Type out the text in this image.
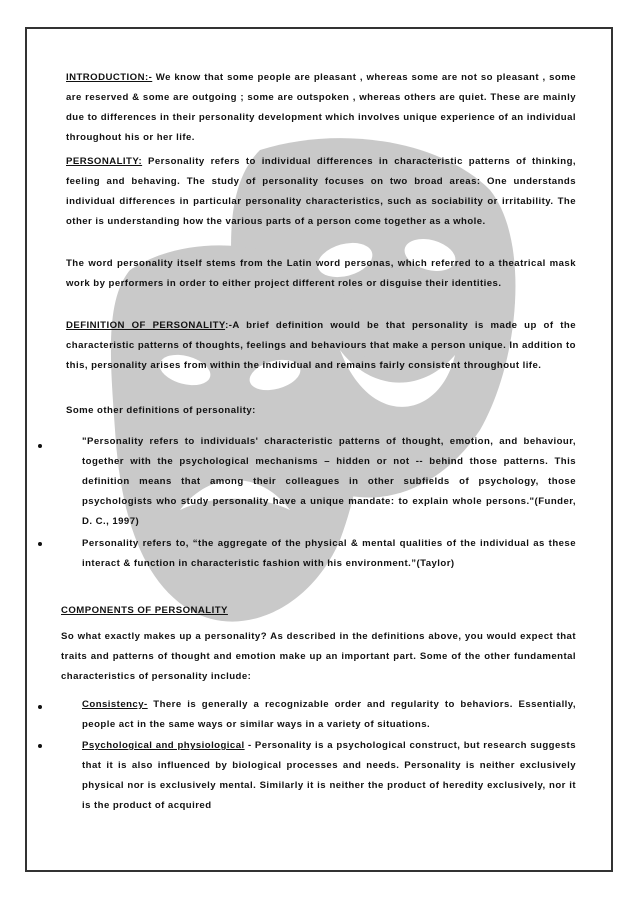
INTRODUCTION:- We know that some people are pleasant , whereas some are not so pleasant , some are reserved & some are outgoing ; some are outspoken , whereas others are quiet. These are mainly due to differences in their personality development which involves unique experience of an individual throughout his or her life.

PERSONALITY: Personality refers to individual differences in characteristic patterns of thinking, feeling and behaving. The study of personality focuses on two broad areas: One understands individual differences in particular personality characteristics, such as sociability or irritability. The other is understanding how the various parts of a person come together as a whole.

The word personality itself stems from the Latin word personas, which referred to a theatrical mask work by performers in order to either project different roles or disguise their identities.

DEFINITION OF PERSONALITY:-A brief definition would be that personality is made up of the characteristic patterns of thoughts, feelings and behaviours that make a person unique. In addition to this, personality arises from within the individual and remains fairly consistent throughout life.

Some other definitions of personality:

"Personality refers to individuals' characteristic patterns of thought, emotion, and behaviour, together with the psychological mechanisms – hidden or not -- behind those patterns. This definition means that among their colleagues in other subfields of psychology, those psychologists who study personality have a unique mandate: to explain whole persons."(Funder, D. C., 1997)

Personality refers to, “the aggregate of the physical & mental qualities of the individual as these interact & function in characteristic fashion with his environment.”(Taylor)

COMPONENTS OF PERSONALITY

So what exactly makes up a personality? As described in the definitions above, you would expect that traits and patterns of thought and emotion make up an important part. Some of the other fundamental characteristics of personality include:

Consistency- There is generally a recognizable order and regularity to behaviors. Essentially, people act in the same ways or similar ways in a variety of situations.

Psychological and physiological - Personality is a psychological construct, but research suggests that it is also influenced by biological processes and needs. Personality is neither exclusively physical nor is exclusively mental. Similarly it is neither the product of heredity exclusively, nor it is the product of acquired
